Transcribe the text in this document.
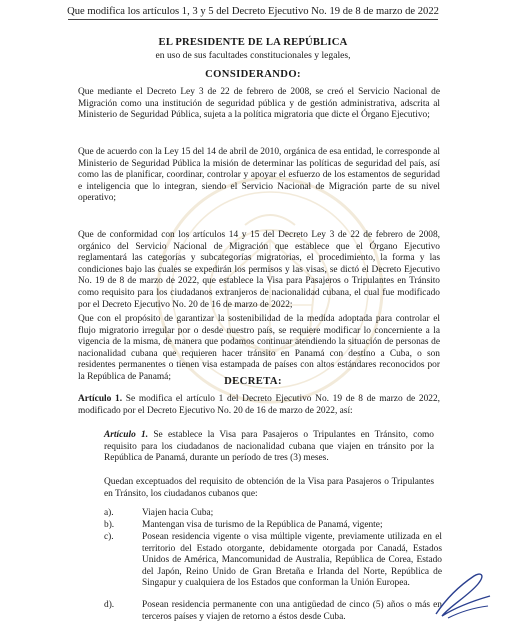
Que modifica los artículos 1, 3 y 5 del Decreto Ejecutivo No. 19 de 8 de marzo de 2022
EL PRESIDENTE DE LA REPÚBLICA
en uso de sus facultades constitucionales y legales,
CONSIDERANDO:
Que mediante el Decreto Ley 3 de 22 de febrero de 2008, se creó el Servicio Nacional de Migración como una institución de seguridad pública y de gestión administrativa, adscrita al Ministerio de Seguridad Pública, sujeta a la política migratoria que dicte el Órgano Ejecutivo;
Que de acuerdo con la Ley 15 del 14 de abril de 2010, orgánica de esa entidad, le corresponde al Ministerio de Seguridad Pública la misión de determinar las políticas de seguridad del país, así como las de planificar, coordinar, controlar y apoyar el esfuerzo de los estamentos de seguridad e inteligencia que lo integran, siendo el Servicio Nacional de Migración parte de su nivel operativo;
Que de conformidad con los artículos 14 y 15 del Decreto Ley 3 de 22 de febrero de 2008, orgánico del Servicio Nacional de Migración que establece que el Órgano Ejecutivo reglamentará las categorías y subcategorías migratorias, el procedimiento, la forma y las condiciones bajo las cuales se expedirán los permisos y las visas, se dictó el Decreto Ejecutivo No. 19 de 8 de marzo de 2022, que establece la Visa para Pasajeros o Tripulantes en Tránsito como requisito para los ciudadanos extranjeros de nacionalidad cubana, el cual fue modificado por el Decreto Ejecutivo No. 20 de 16 de marzo de 2022;
Que con el propósito de garantizar la sostenibilidad de la medida adoptada para controlar el flujo migratorio irregular por o desde nuestro país, se requiere modificar lo concerniente a la vigencia de la misma, de manera que podamos continuar atendiendo la situación de personas de nacionalidad cubana que requieren hacer tránsito en Panamá con destino a Cuba, o son residentes permanentes o tienen visa estampada de países con altos estándares reconocidos por la República de Panamá;	DECRETA:
Artículo 1. Se modifica el artículo 1 del Decreto Ejecutivo No. 19 de 8 de marzo de 2022, modificado por el Decreto Ejecutivo No. 20 de 16 de marzo de 2022, así:
Artículo 1. Se establece la Visa para Pasajeros o Tripulantes en Tránsito, como requisito para los ciudadanos de nacionalidad cubana que viajen en tránsito por la República de Panamá, durante un período de tres (3) meses.
Quedan exceptuados del requisito de obtención de la Visa para Pasajeros o Tripulantes en Tránsito, los ciudadanos cubanos que:
a).	Viajen hacia Cuba;
b).	Mantengan visa de turismo de la República de Panamá, vigente;
c).	Posean residencia vigente o visa múltiple vigente, previamente utilizada en el territorio del Estado otorgante, debidamente otorgada por Canadá, Estados Unidos de América, Mancomunidad de Australia, República de Corea, Estado del Japón, Reino Unido de Gran Bretaña e Irlanda del Norte, República de Singapur y cualquiera de los Estados que conforman la Unión Europea.
d).	Posean residencia permanente con una antigüedad de cinco (5) años o más en terceros países y viajen de retorno a éstos desde Cuba.
